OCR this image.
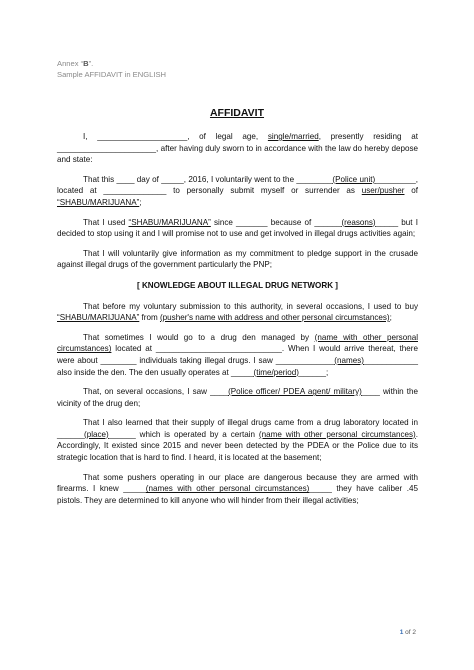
Annex “B”.
Sample AFFIDAVIT in ENGLISH
AFFIDAVIT

I, ____________________, of legal age, single/married, presently residing at ______________________, after having duly sworn to in accordance with the law do hereby depose and state:

That this ____ day of _____, 2016, I voluntarily went to the ________(Police unit)_________, located at ______________ to personally submit myself or surrender as user/pusher of “SHABU/MARIJUANA”;

That I used “SHABU/MARIJUANA” since _______ because of ______(reasons)_____ but I decided to stop using it and I will promise not to use and get involved in illegal drugs activities again;

That I will voluntarily give information as my commitment to pledge support in the crusade against illegal drugs of the government particularly the PNP;

[ KNOWLEDGE ABOUT ILLEGAL DRUG NETWORK ]

That before my voluntary submission to this authority, in several occasions, I used to buy “SHABU/MARIJUANA” from (pusher's name with address and other personal circumstances);

That sometimes I would go to a drug den managed by (name with other personal circumstances) located at ____________________________. When I would arrive thereat, there were about ________ individuals taking illegal drugs. I saw _____________(names)____________ also inside the den. The den usually operates at _____(time/period)______;

That, on several occasions, I saw ____(Police officer/ PDEA agent/ military)____ within the vicinity of the drug den;

That I also learned that their supply of illegal drugs came from a drug laboratory located in ______(place)______ which is operated by a certain (name with other personal circumstances). Accordingly, It existed since 2015 and never been detected by the PDEA or the Police due to its strategic location that is hard to find. I heard, it is located at the basement;

That some pushers operating in our place are dangerous because they are armed with firearms. I knew _____(names with other personal circumstances)_____ they have caliber .45 pistols. They are determined to kill anyone who will hinder from their illegal activities;

1 of 2
